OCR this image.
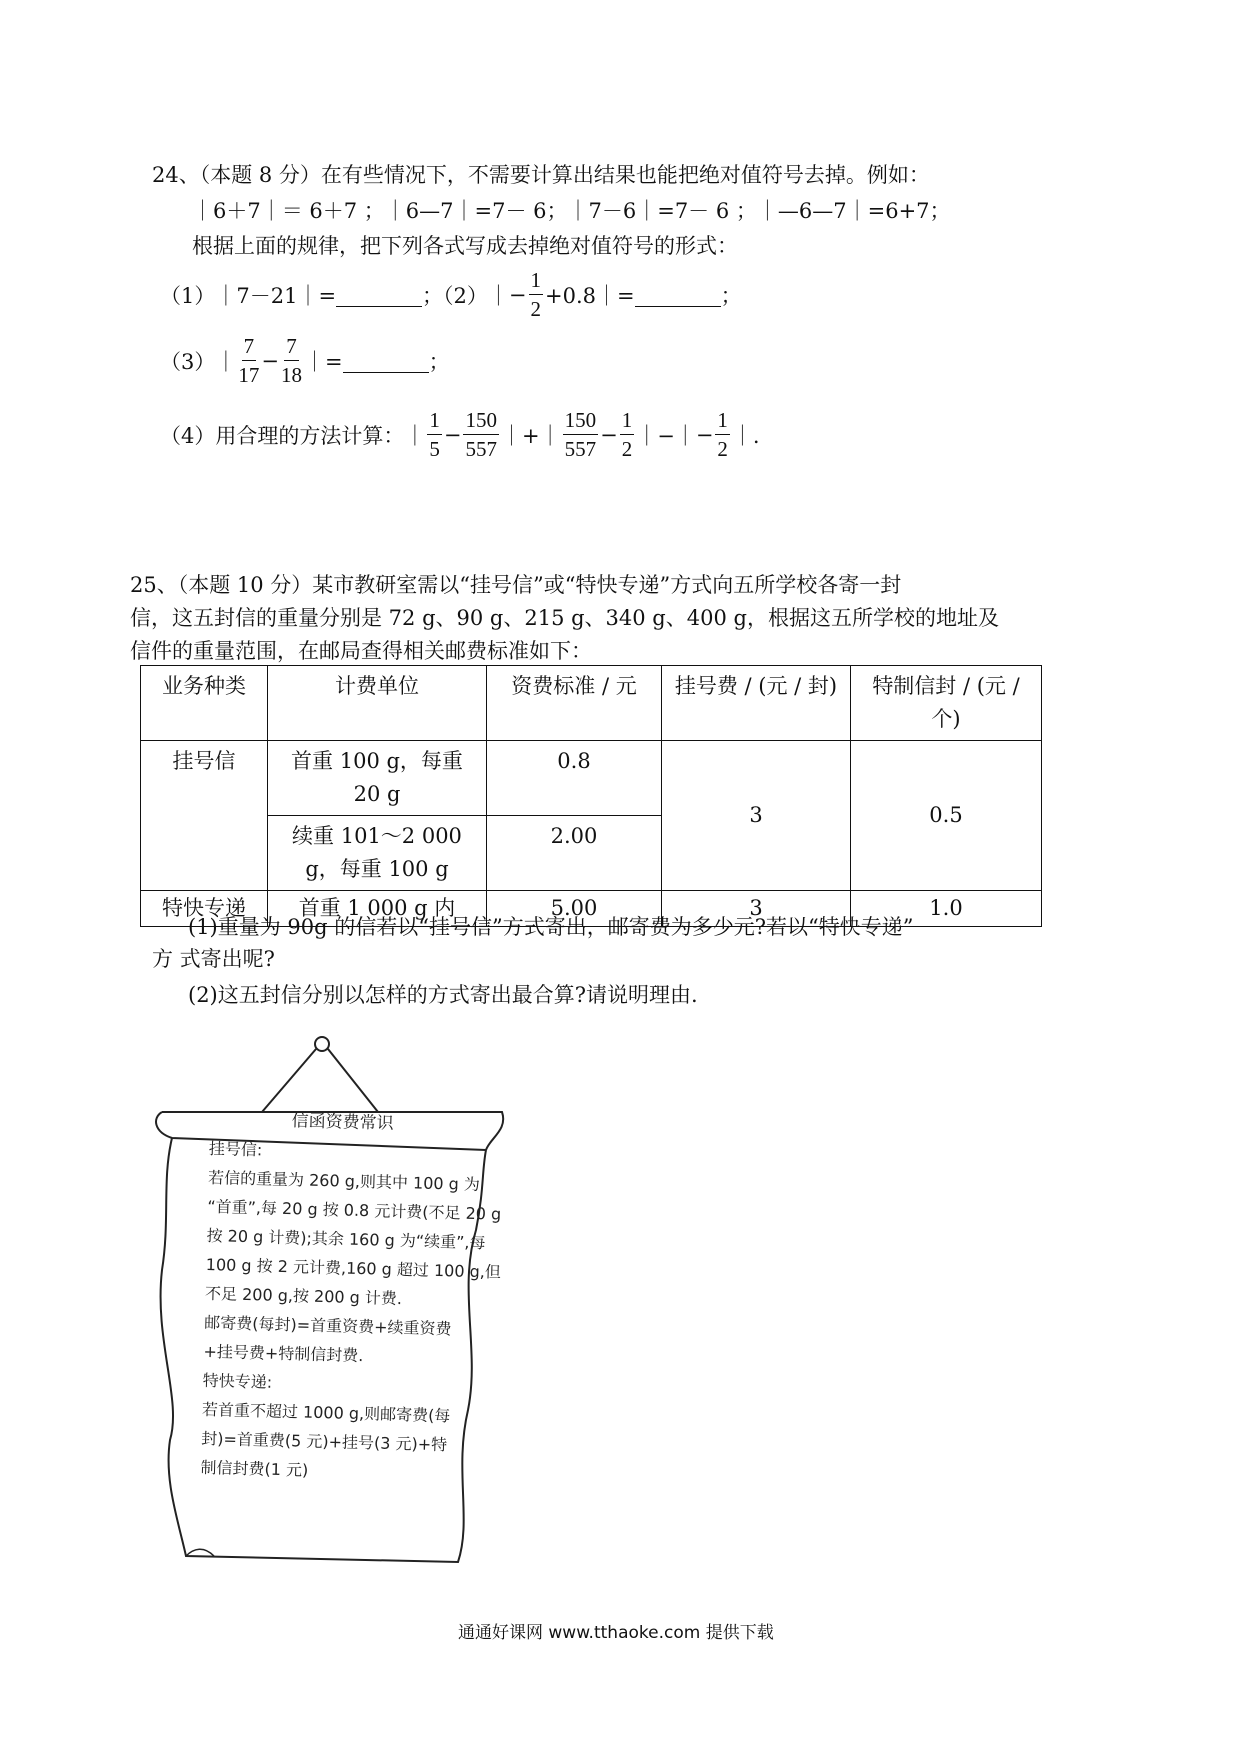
24、（本题 8 分）在有些情况下，不需要计算出结果也能把绝对值符号去掉。例如：
｜6＋7｜＝ 6＋7 ；｜6—7｜=7－ 6；｜7－6｜=7－ 6 ；｜—6—7｜=6+7；
根据上面的规律，把下列各式写成去掉绝对值符号的形式：
（1）｜7－21｜=	；（2）｜ − $\frac{1}{2}$ +0.8｜=	；
（3）｜ $\frac{7}{17} - \frac{7}{18}$ ｜=	；
（4）用合理的方法计算：｜ $\frac{1}{5} - \frac{150}{557}$ ｜+｜ $\frac{150}{557} - \frac{1}{2}$ ｜−｜ − $\frac{1}{2}$ ｜.
25、（本题 10 分）某市教研室需以“挂号信”或“特快专递”方式向五所学校各寄一封
信，这五封信的重量分别是 72 g、90 g、215 g、340 g、400 g，根据这五所学校的地址及
信件的重量范围，在邮局查得相关邮费标准如下：
业务种类	计费单位	资费标准 / 元	挂号费 / (元 / 封)	特制信封 / (元 / 个)
挂号信	首重 100 g，每重 20 g	0.8	3	0.5
	续重 101～2 000 g，每重 100 g	2.00		
特快专递	首重 1 000 g 内	5.00	3	1.0
(1)重量为 90g 的信若以“挂号信”方式寄出，邮寄费为多少元?若以“特快专递”
方 式寄出呢?
(2)这五封信分别以怎样的方式寄出最合算?请说明理由.
信函资费常识
挂号信:
若信的重量为 260 g,则其中 100 g 为
“首重”,每 20 g 按 0.8 元计费(不足 20 g
按 20 g 计费);其余 160 g 为“续重”,每
100 g 按 2 元计费,160 g 超过 100 g,但
不足 200 g,按 200 g 计费.
邮寄费(每封)=首重资费+续重资费
+挂号费+特制信封费.
特快专递:
若首重不超过 1000 g,则邮寄费(每
封)=首重费(5 元)+挂号(3 元)+特
制信封费(1 元)
通通好课网 www.tthaoke.com 提供下载
